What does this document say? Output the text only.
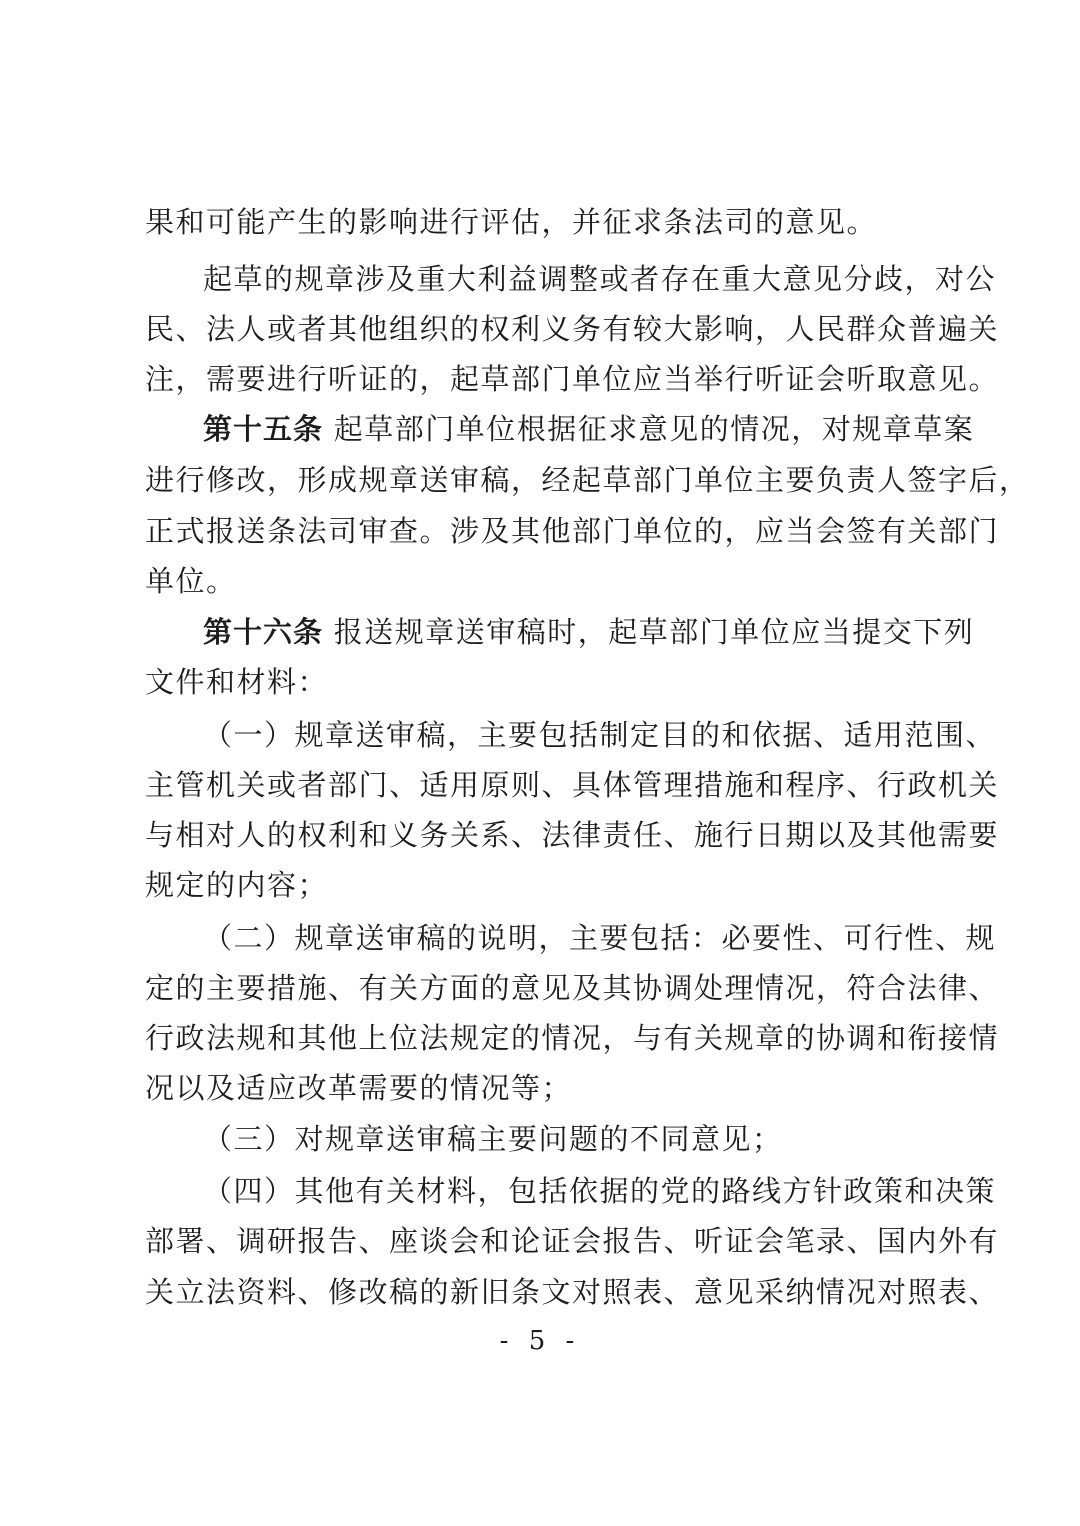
果和可能产生的影响进行评估，并征求条法司的意见。
起草的规章涉及重大利益调整或者存在重大意见分歧，对公
民、法人或者其他组织的权利义务有较大影响，人民群众普遍关
注，需要进行听证的，起草部门单位应当举行听证会听取意见。
第十五条 起草部门单位根据征求意见的情况，对规章草案
进行修改，形成规章送审稿，经起草部门单位主要负责人签字后，
正式报送条法司审查。涉及其他部门单位的，应当会签有关部门
单位。
第十六条 报送规章送审稿时，起草部门单位应当提交下列
文件和材料：
（一）规章送审稿，主要包括制定目的和依据、适用范围、
主管机关或者部门、适用原则、具体管理措施和程序、行政机关
与相对人的权利和义务关系、法律责任、施行日期以及其他需要
规定的内容；
（二）规章送审稿的说明，主要包括：必要性、可行性、规
定的主要措施、有关方面的意见及其协调处理情况，符合法律、
行政法规和其他上位法规定的情况，与有关规章的协调和衔接情
况以及适应改革需要的情况等；
（三）对规章送审稿主要问题的不同意见；
（四）其他有关材料，包括依据的党的路线方针政策和决策
部署、调研报告、座谈会和论证会报告、听证会笔录、国内外有
关立法资料、修改稿的新旧条文对照表、意见采纳情况对照表、
- 5 -
